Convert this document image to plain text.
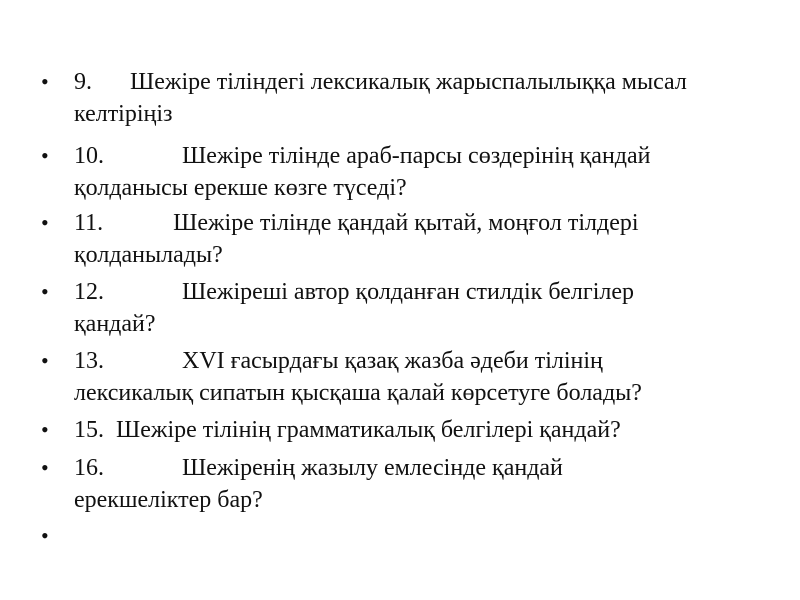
• 9. Шежіре тіліндегі лексикалық жарыспалылыққа мысал
келтіріңіз
• 10.	Шежіре тілінде араб-парсы сөздерінің қандай
қолданысы ерекше көзге түседі?
• 11.	Шежіре тілінде қандай қытай, моңғол тілдері
қолданылады?
• 12.	Шежіреші автор қолданған стилдік белгілер
қандай?
• 13.	XVI ғасырдағы қазақ жазба әдеби тілінің
лексикалық сипатын қысқаша қалай көрсетуге болады?
• 15. Шежіре тілінің грамматикалық белгілері қандай?
• 16.	Шежіренің жазылу емлесінде қандай
ерекшеліктер бар?
•
